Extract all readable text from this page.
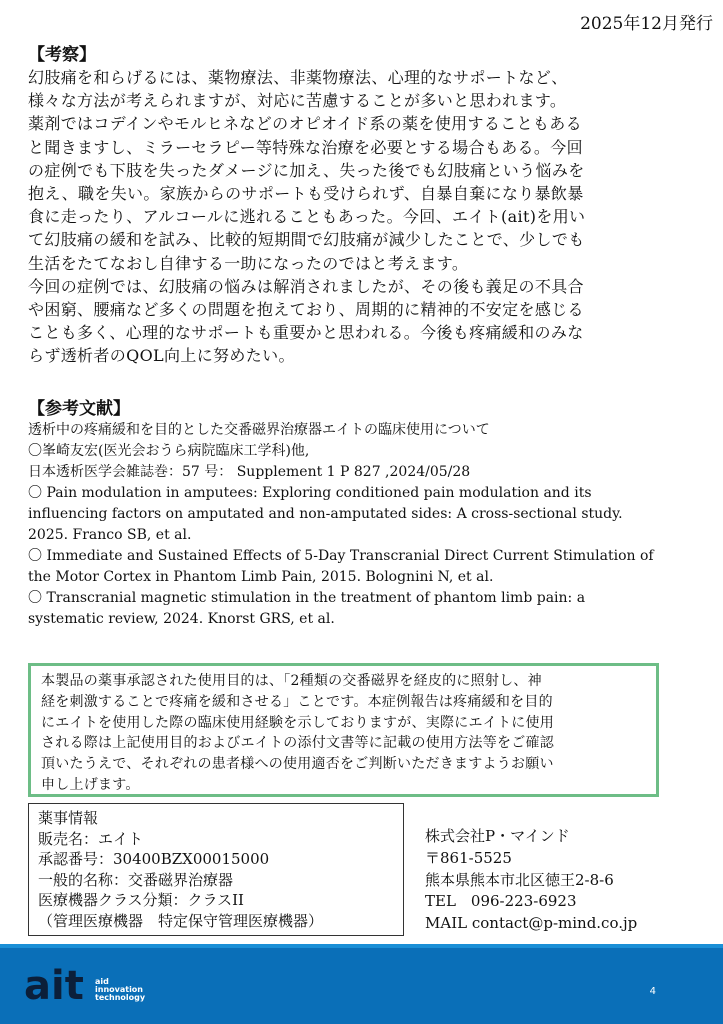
2025年12月発行
【考察】
幻肢痛を和らげるには、薬物療法、非薬物療法、心理的なサポートなど、
様々な方法が考えられますが、対応に苦慮することが多いと思われます。
薬剤ではコデインやモルヒネなどのオピオイド系の薬を使用することもある
と聞きますし、ミラーセラピー等特殊な治療を必要とする場合もある。今回
の症例でも下肢を失ったダメージに加え、失った後でも幻肢痛という悩みを
抱え、職を失い。家族からのサポートも受けられず、自暴自棄になり暴飲暴
食に走ったり、アルコールに逃れることもあった。今回、エイト(ait)を用い
て幻肢痛の緩和を試み、比較的短期間で幻肢痛が減少したことで、少しでも
生活をたてなおし自律する一助になったのではと考えます。
今回の症例では、幻肢痛の悩みは解消されましたが、その後も義足の不具合
や困窮、腰痛など多くの問題を抱えており、周期的に精神的不安定を感じる
ことも多く、心理的なサポートも重要かと思われる。今後も疼痛緩和のみな
らず透析者のQOL向上に努めたい。
【参考文献】
透析中の疼痛緩和を目的とした交番磁界治療器エイトの臨床使用について
〇峯崎友宏(医光会おうら病院臨床工学科)他,
日本透析医学会雑誌巻：57 号： Supplement 1 P 827 ,2024/05/28
〇 Pain modulation in amputees: Exploring conditioned pain modulation and its
influencing factors on amputated and non-amputated sides: A cross-sectional study.
2025. Franco SB, et al.
〇 Immediate and Sustained Effects of 5-Day Transcranial Direct Current Stimulation of
the Motor Cortex in Phantom Limb Pain, 2015. Bolognini N, et al.
〇 Transcranial magnetic stimulation in the treatment of phantom limb pain: a
systematic review, 2024. Knorst GRS, et al.
本製品の薬事承認された使用目的は、「2種類の交番磁界を経皮的に照射し、神
経を刺激することで疼痛を緩和させる」ことです。本症例報告は疼痛緩和を目的
にエイトを使用した際の臨床使用経験を示しておりますが、実際にエイトに使用
される際は上記使用目的およびエイトの添付文書等に記載の使用方法等をご確認
頂いたうえで、それぞれの患者様への使用適否をご判断いただきますようお願い
申し上げます。
薬事情報
販売名：エイト
承認番号：30400BZX00015000
一般的名称：交番磁界治療器
医療機器クラス分類：クラスII
（管理医療機器　特定保守管理医療機器）
株式会社P・マインド
〒861-5525
熊本県熊本市北区徳王2-8-6
TEL　096-223-6923
MAIL contact@p-mind.co.jp
ait aid
innovation
technology
4
